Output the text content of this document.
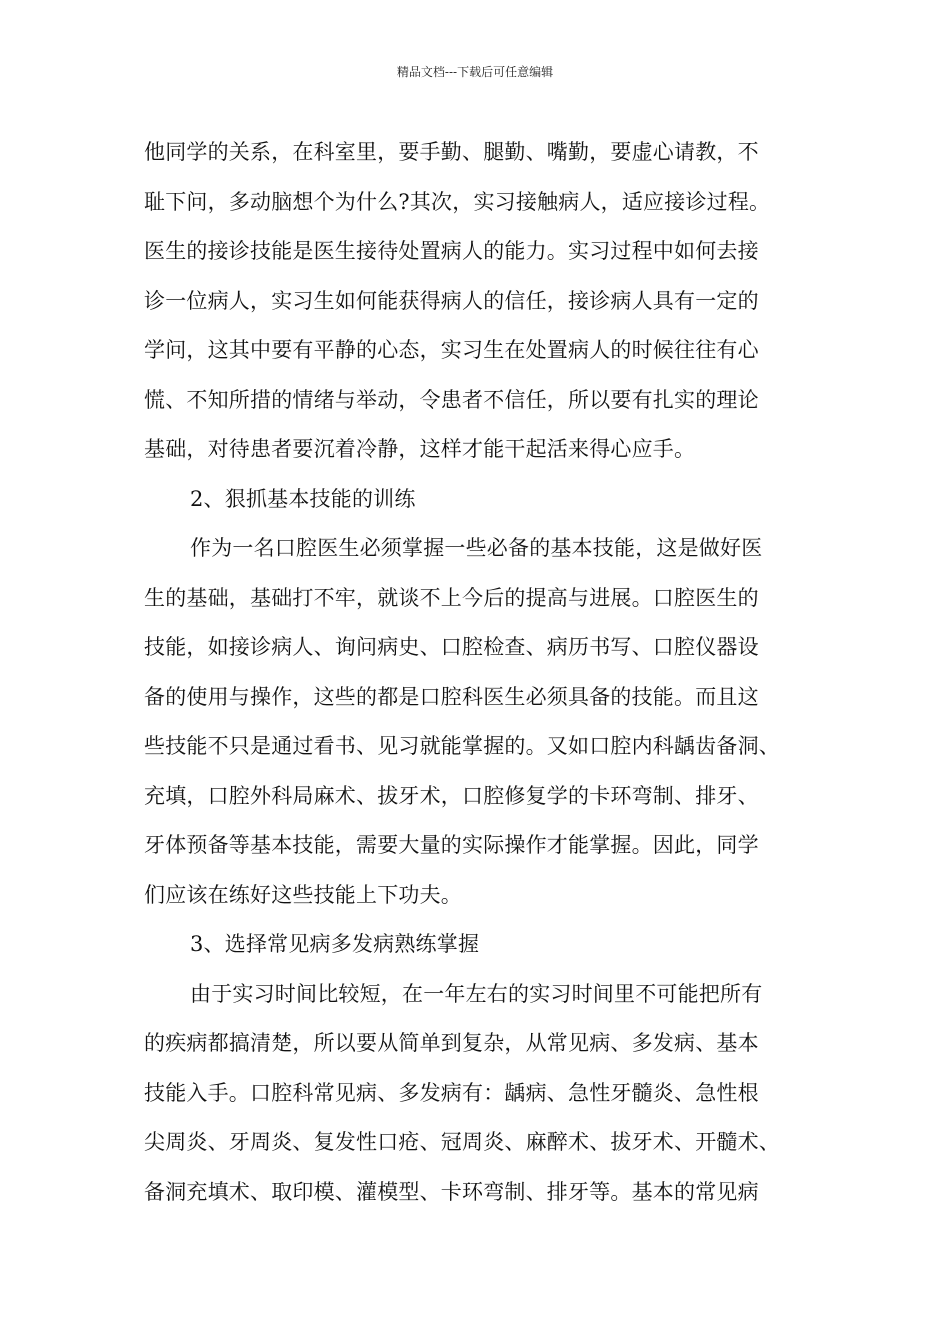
精品文档---下载后可任意编辑
他同学的关系，在科室里，要手勤、腿勤、嘴勤，要虚心请教，不
耻下问，多动脑想个为什么?其次，实习接触病人，适应接诊过程。
医生的接诊技能是医生接待处置病人的能力。实习过程中如何去接
诊一位病人，实习生如何能获得病人的信任，接诊病人具有一定的
学问，这其中要有平静的心态，实习生在处置病人的时候往往有心
慌、不知所措的情绪与举动，令患者不信任，所以要有扎实的理论
基础，对待患者要沉着冷静，这样才能干起活来得心应手。
2、狠抓基本技能的训练
作为一名口腔医生必须掌握一些必备的基本技能，这是做好医
生的基础，基础打不牢，就谈不上今后的提高与进展。口腔医生的
技能，如接诊病人、询问病史、口腔检查、病历书写、口腔仪器设
备的使用与操作，这些的都是口腔科医生必须具备的技能。而且这
些技能不只是通过看书、见习就能掌握的。又如口腔内科龋齿备洞、
充填，口腔外科局麻术、拔牙术，口腔修复学的卡环弯制、排牙、
牙体预备等基本技能，需要大量的实际操作才能掌握。因此，同学
们应该在练好这些技能上下功夫。
3、选择常见病多发病熟练掌握
由于实习时间比较短，在一年左右的实习时间里不可能把所有
的疾病都搞清楚，所以要从简单到复杂，从常见病、多发病、基本
技能入手。口腔科常见病、多发病有：龋病、急性牙髓炎、急性根
尖周炎、牙周炎、复发性口疮、冠周炎、麻醉术、拔牙术、开髓术、
备洞充填术、取印模、灌模型、卡环弯制、排牙等。基本的常见病
